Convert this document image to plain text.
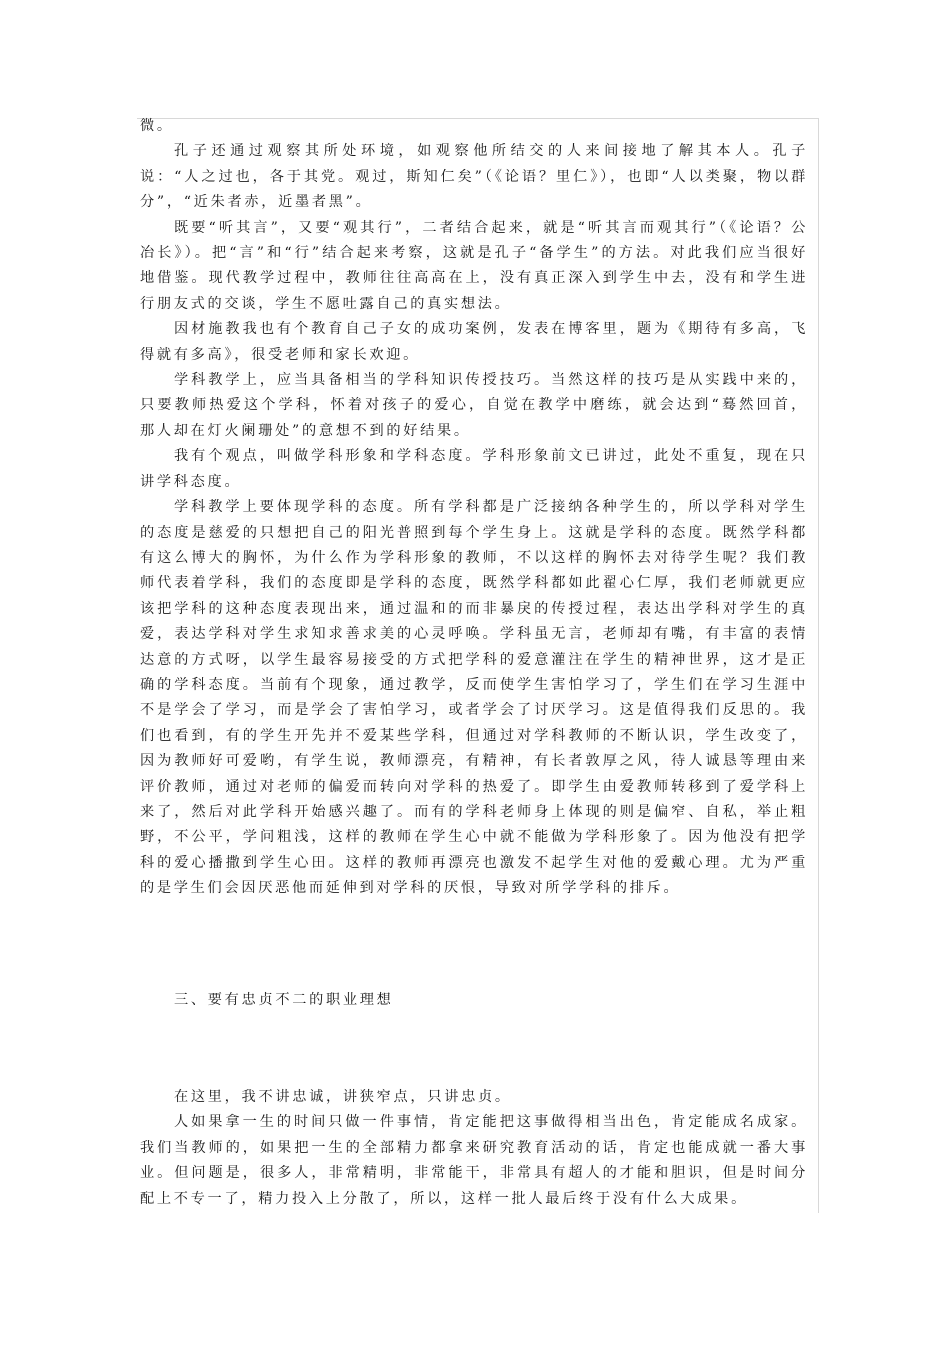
微。

孔子还通过观察其所处环境，如观察他所结交的人来间接地了解其本人。孔子说：“人之过也，各于其党。观过，斯知仁矣”（《论语？里仁》），也即“人以类聚，物以群分”，“近朱者赤，近墨者黑”。

既要“听其言”，又要“观其行”，二者结合起来，就是“听其言而观其行”（《论语？公冶长》）。把“言”和“行”结合起来考察，这就是孔子“备学生”的方法。对此我们应当很好地借鉴。现代教学过程中，教师往往高高在上，没有真正深入到学生中去，没有和学生进行朋友式的交谈，学生不愿吐露自己的真实想法。

因材施教我也有个教育自己子女的成功案例，发表在博客里，题为《期待有多高，飞得就有多高》，很受老师和家长欢迎。

学科教学上，应当具备相当的学科知识传授技巧。当然这样的技巧是从实践中来的，只要教师热爱这个学科，怀着对孩子的爱心，自觉在教学中磨练，就会达到“蓦然回首，那人却在灯火阑珊处”的意想不到的好结果。

我有个观点，叫做学科形象和学科态度。学科形象前文已讲过，此处不重复，现在只讲学科态度。

学科教学上要体现学科的态度。所有学科都是广泛接纳各种学生的，所以学科对学生的态度是慈爱的只想把自己的阳光普照到每个学生身上。这就是学科的态度。既然学科都有这么博大的胸怀，为什么作为学科形象的教师，不以这样的胸怀去对待学生呢？我们教师代表着学科，我们的态度即是学科的态度，既然学科都如此翟心仁厚，我们老师就更应该把学科的这种态度表现出来，通过温和的而非暴戾的传授过程，表达出学科对学生的真爱，表达学科对学生求知求善求美的心灵呼唤。学科虽无言，老师却有嘴，有丰富的表情达意的方式呀，以学生最容易接受的方式把学科的爱意灌注在学生的精神世界，这才是正确的学科态度。当前有个现象，通过教学，反而使学生害怕学习了，学生们在学习生涯中不是学会了学习，而是学会了害怕学习，或者学会了讨厌学习。这是值得我们反思的。我们也看到，有的学生开先并不爱某些学科，但通过对学科教师的不断认识，学生改变了，因为教师好可爱哟，有学生说，教师漂亮，有精神，有长者敦厚之风，待人诚恳等理由来评价教师，通过对老师的偏爱而转向对学科的热爱了。即学生由爱教师转移到了爱学科上来了，然后对此学科开始感兴趣了。而有的学科老师身上体现的则是偏窄、自私，举止粗野，不公平，学问粗浅，这样的教师在学生心中就不能做为学科形象了。因为他没有把学科的爱心播撒到学生心田。这样的教师再漂亮也激发不起学生对他的爱戴心理。尤为严重的是学生们会因厌恶他而延伸到对学科的厌恨，导致对所学学科的排斥。

三、要有忠贞不二的职业理想

在这里，我不讲忠诚，讲狭窄点，只讲忠贞。

人如果拿一生的时间只做一件事情，肯定能把这事做得相当出色，肯定能成名成家。我们当教师的，如果把一生的全部精力都拿来研究教育活动的话，肯定也能成就一番大事业。但问题是，很多人，非常精明，非常能干，非常具有超人的才能和胆识，但是时间分配上不专一了，精力投入上分散了，所以，这样一批人最后终于没有什么大成果。
